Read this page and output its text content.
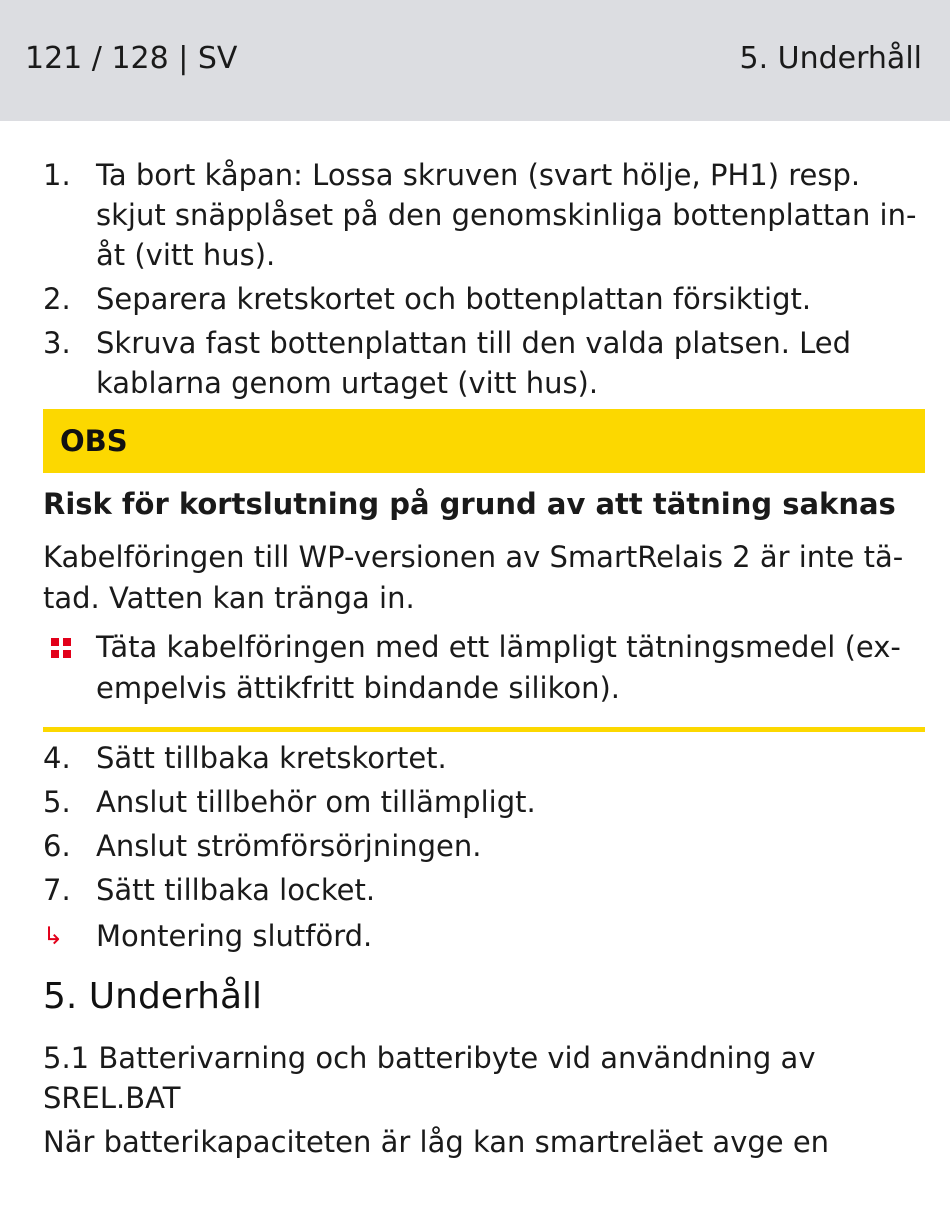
121 / 128 | SV	5. Underhåll
1. Ta bort kåpan: Lossa skruven (svart hölje, PH1) resp. skjut snäpplåset på den genomskinliga bottenplattan in- åt (vitt hus).
2. Separera kretskortet och bottenplattan försiktigt.
3. Skruva fast bottenplattan till den valda platsen. Led kablarna genom urtaget (vitt hus).
OBS
Risk för kortslutning på grund av att tätning saknas
Kabelföringen till WP-versionen av SmartRelais 2 är inte tä- tad. Vatten kan tränga in.
Täta kabelföringen med ett lämpligt tätningsmedel (ex- empelvis ättikfritt bindande silikon).
4. Sätt tillbaka kretskortet.
5. Anslut tillbehör om tillämpligt.
6. Anslut strömförsörjningen.
7. Sätt tillbaka locket.
↳ Montering slutförd.
5. Underhåll
5.1 Batterivarning och batteribyte vid användning av SREL.BAT
När batterikapaciteten är låg kan smartreläet avge en
